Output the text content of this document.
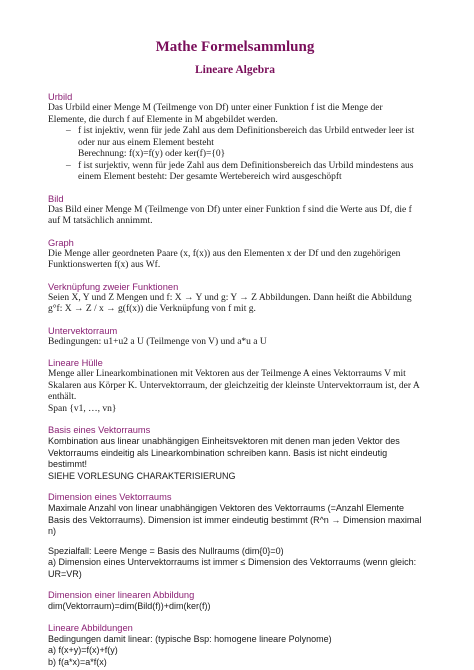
Mathe Formelsammlung
Lineare Algebra
Urbild

Das Urbild einer Menge M (Teilmenge von Df) unter einer Funktion f ist die Menge der Elemente, die durch f auf Elemente in M abgebildet werden.

– f ist injektiv, wenn für jede Zahl aus dem Definitionsbereich das Urbild entweder leer ist oder nur aus einem Element besteht
Berechnung: f(x)=f(y) oder ker(f)={0}
– f ist surjektiv, wenn für jede Zahl aus dem Definitionsbereich das Urbild mindestens aus einem Element besteht: Der gesamte Wertebereich wird ausgeschöpft
Bild

Das Bild einer Menge M (Teilmenge von Df) unter einer Funktion f sind die Werte aus Df, die f auf M tatsächlich annimmt.

Graph

Die Menge aller geordneten Paare (x, f(x)) aus den Elementen x der Df und den zugehörigen Funktionswerten f(x) aus Wf.

Verknüpfung zweier Funktionen

Seien X, Y und Z Mengen und f: X → Y und g: Y → Z Abbildungen. Dann heißt die Abbildung g°f: X → Z / x → g(f(x)) die Verknüpfung von f mit g.

Untervektorraum

Bedingungen: u1+u2 a U (Teilmenge von V) und a*u a U

Lineare Hülle

Menge aller Linearkombinationen mit Vektoren aus der Teilmenge A eines Vektorraums V mit Skalaren aus Körper K. Untervektorraum, der gleichzeitig der kleinste Untervektorraum ist, der A enthält.

Span {v1, …, vn}

Basis eines Vektorraums

Kombination aus linear unabhängigen Einheitsvektoren mit denen man jeden Vektor des Vektorraums eindeitig als Linearkombination schreiben kann. Basis ist nicht eindeutig bestimmt!

SIEHE VORLESUNG CHARAKTERISIERUNG

Dimension eines Vektorraums

Maximale Anzahl von linear unabhängigen Vektoren des Vektorraums (=Anzahl Elemente Basis des Vektorraums). Dimension ist immer eindeutig bestimmt (R^n → Dimension maximal n)

Spezialfall: Leere Menge = Basis des Nullraums (dim{0}=0)

a) Dimension eines Untervektorraums ist immer ≤ Dimension des Vektorraums (wenn gleich: UR=VR)

Dimension einer linearen Abbildung

dim(Vektorraum)=dim(Bild(f))+dim(ker(f))

Lineare Abbildungen

Bedingungen damit linear: (typische Bsp: homogene lineare Polynome)

a) f(x+y)=f(x)+f(y)

b) f(a*x)=a*f(x)
